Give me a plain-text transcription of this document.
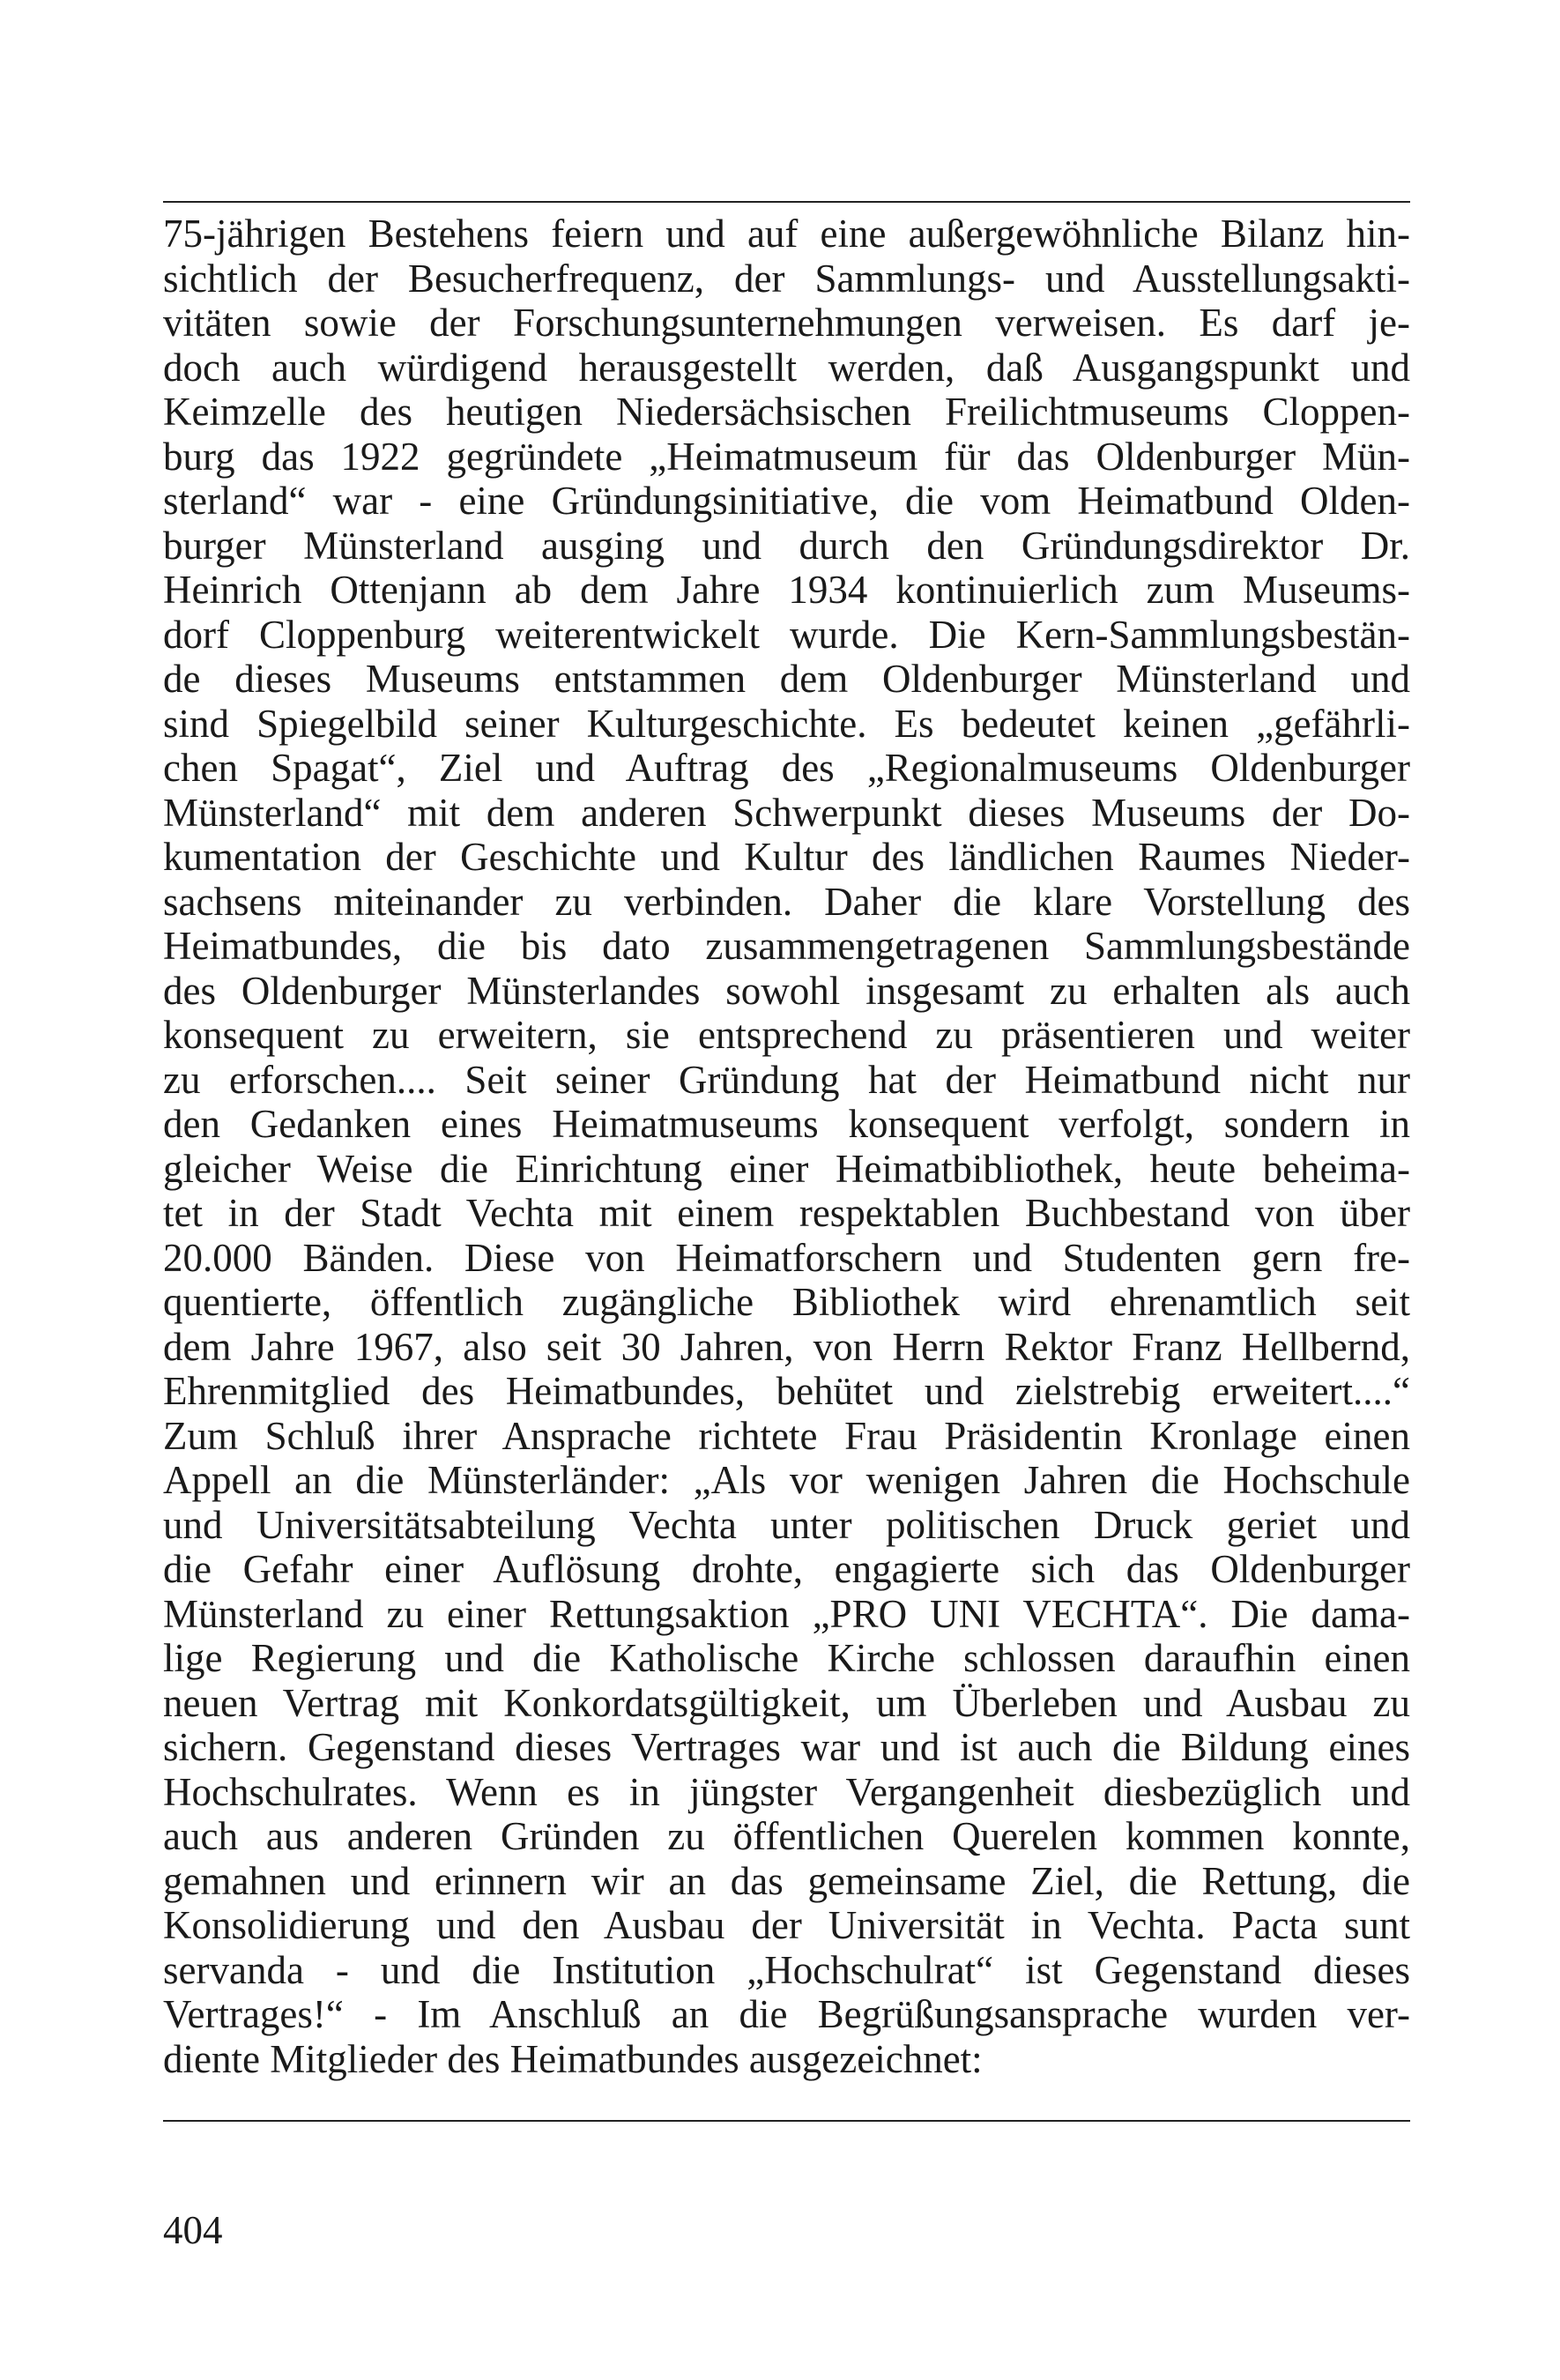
75-jährigen Bestehens feiern und auf eine außergewöhnliche Bilanz hin-
sichtlich der Besucherfrequenz, der Sammlungs- und Ausstellungsakti-
vitäten sowie der Forschungsunternehmungen verweisen. Es darf je-
doch auch würdigend herausgestellt werden, daß Ausgangspunkt und
Keimzelle des heutigen Niedersächsischen Freilichtmuseums Cloppen-
burg das 1922 gegründete „Heimatmuseum für das Oldenburger Mün-
sterland“ war - eine Gründungsinitiative, die vom Heimatbund Olden-
burger Münsterland ausging und durch den Gründungsdirektor Dr.
Heinrich Ottenjann ab dem Jahre 1934 kontinuierlich zum Museums-
dorf Cloppenburg weiterentwickelt wurde. Die Kern-Sammlungsbestän-
de dieses Museums entstammen dem Oldenburger Münsterland und
sind Spiegelbild seiner Kulturgeschichte. Es bedeutet keinen „gefährli-
chen Spagat“, Ziel und Auftrag des „Regionalmuseums Oldenburger
Münsterland“ mit dem anderen Schwerpunkt dieses Museums der Do-
kumentation der Geschichte und Kultur des ländlichen Raumes Nieder-
sachsens miteinander zu verbinden. Daher die klare Vorstellung des
Heimatbundes, die bis dato zusammengetragenen Sammlungsbestände
des Oldenburger Münsterlandes sowohl insgesamt zu erhalten als auch
konsequent zu erweitern, sie entsprechend zu präsentieren und weiter
zu erforschen.... Seit seiner Gründung hat der Heimatbund nicht nur
den Gedanken eines Heimatmuseums konsequent verfolgt, sondern in
gleicher Weise die Einrichtung einer Heimatbibliothek, heute beheima-
tet in der Stadt Vechta mit einem respektablen Buchbestand von über
20.000 Bänden. Diese von Heimatforschern und Studenten gern fre-
quentierte, öffentlich zugängliche Bibliothek wird ehrenamtlich seit
dem Jahre 1967, also seit 30 Jahren, von Herrn Rektor Franz Hellbernd,
Ehrenmitglied des Heimatbundes, behütet und zielstrebig erweitert....“
Zum Schluß ihrer Ansprache richtete Frau Präsidentin Kronlage einen
Appell an die Münsterländer: „Als vor wenigen Jahren die Hochschule
und Universitätsabteilung Vechta unter politischen Druck geriet und
die Gefahr einer Auflösung drohte, engagierte sich das Oldenburger
Münsterland zu einer Rettungsaktion „PRO UNI VECHTA“. Die dama-
lige Regierung und die Katholische Kirche schlossen daraufhin einen
neuen Vertrag mit Konkordatsgültigkeit, um Überleben und Ausbau zu
sichern. Gegenstand dieses Vertrages war und ist auch die Bildung eines
Hochschulrates. Wenn es in jüngster Vergangenheit diesbezüglich und
auch aus anderen Gründen zu öffentlichen Querelen kommen konnte,
gemahnen und erinnern wir an das gemeinsame Ziel, die Rettung, die
Konsolidierung und den Ausbau der Universität in Vechta. Pacta sunt
servanda - und die Institution „Hochschulrat“ ist Gegenstand dieses
Vertrages!“ - Im Anschluß an die Begrüßungsansprache wurden ver-
diente Mitglieder des Heimatbundes ausgezeichnet:
404
